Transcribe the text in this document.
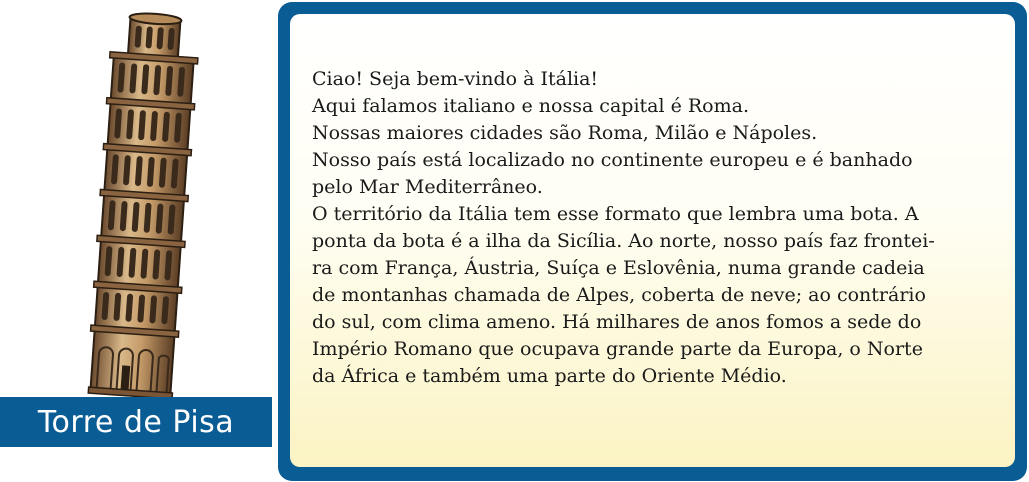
Torre de Pisa

Ciao! Seja bem-vindo à Itália!

Aqui falamos italiano e nossa capital é Roma.

Nossas maiores cidades são Roma, Milão e Nápoles.

Nosso país está localizado no continente europeu e é banhado

pelo Mar Mediterrâneo.

O território da Itália tem esse formato que lembra uma bota. A

ponta da bota é a ilha da Sicília. Ao norte, nosso país faz frontei-

ra com França, Áustria, Suíça e Eslovênia, numa grande cadeia

de montanhas chamada de Alpes, coberta de neve; ao contrário

do sul, com clima ameno. Há milhares de anos fomos a sede do

Império Romano que ocupava grande parte da Europa, o Norte

da África e também uma parte do Oriente Médio.
